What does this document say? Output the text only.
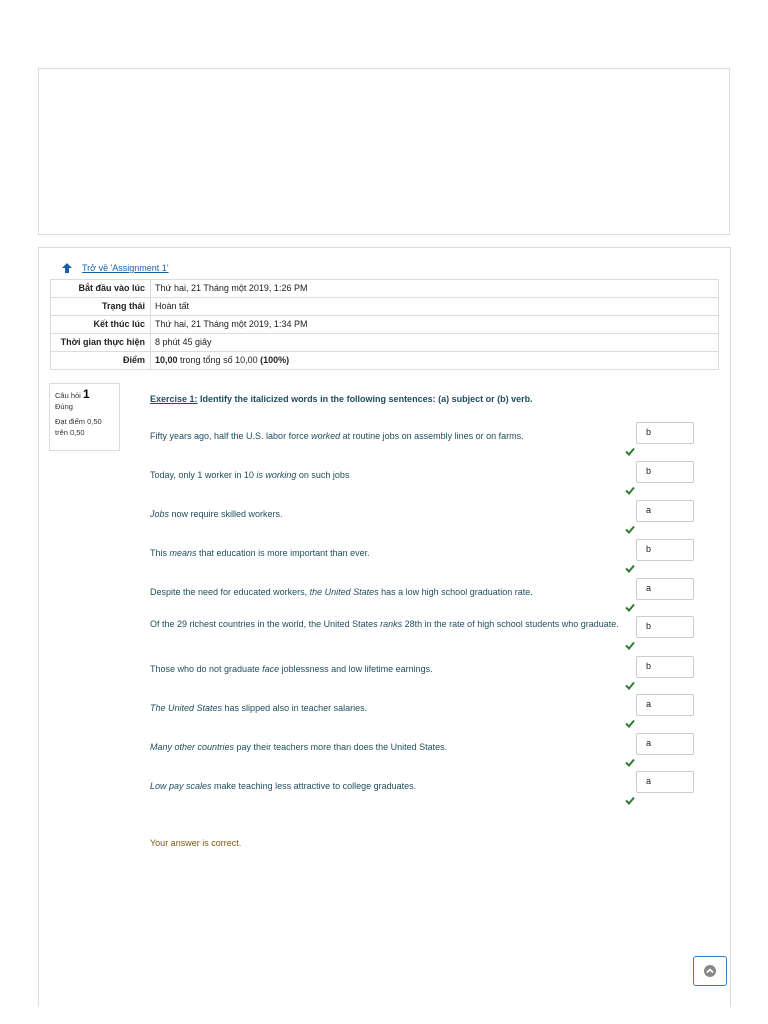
Trở về 'Assignment 1'
Bắt đầu vào lúc	Thứ hai, 21 Tháng một 2019, 1:26 PM
Trạng thái	Hoàn tất
Kết thúc lúc	Thứ hai, 21 Tháng một 2019, 1:34 PM
Thời gian thực hiện	8 phút 45 giây
Điểm	10,00 trong tổng số 10,00 (100%)
Câu hỏi 1
Đúng
Đạt điểm 0,50 trên 0,50
Exercise 1: Identify the italicized words in the following sentences: (a) subject or (b) verb.
Fifty years ago, half the U.S. labor force worked at routine jobs on assembly lines or on farms.	b
Today, only 1 worker in 10 is working on such jobs	b
Jobs now require skilled workers.	a
This means that education is more important than ever.	b
Despite the need for educated workers, the United States has a low high school graduation rate.	a
Of the 29 richest countries in the world, the United States ranks 28th in the rate of high school students who graduate.	b
Those who do not graduate face joblessness and low lifetime earnings.	b
The United States has slipped also in teacher salaries.	a
Many other countries pay their teachers more than does the United States.	a
Low pay scales make teaching less attractive to college graduates.	a
Your answer is correct.
